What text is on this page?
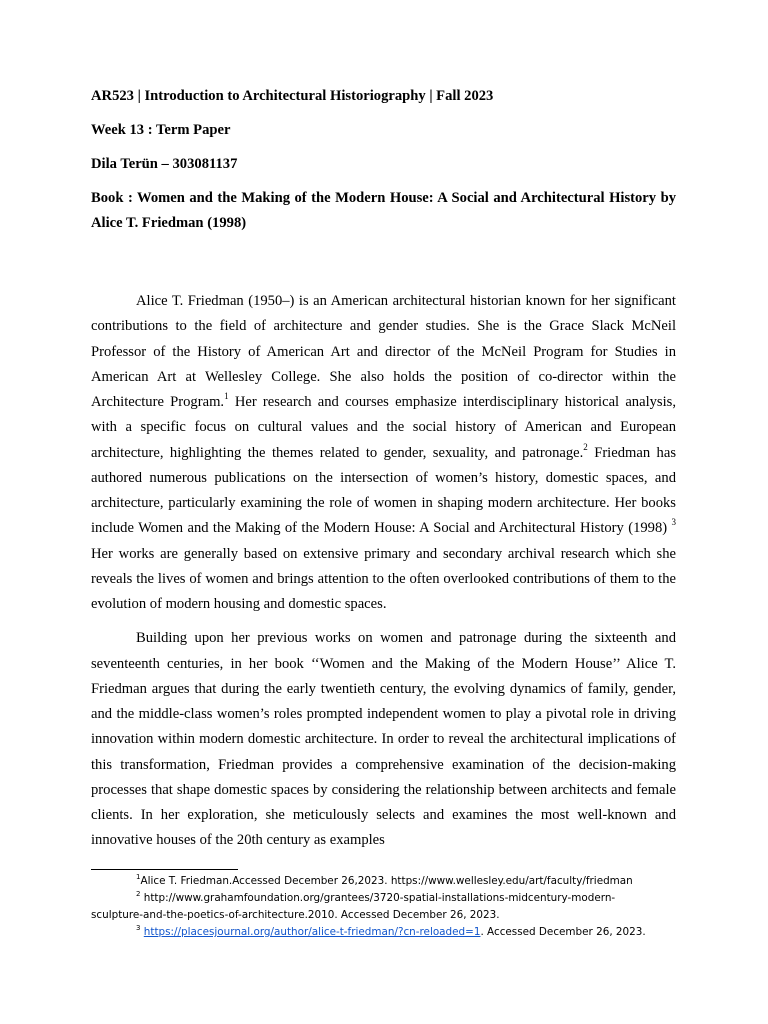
AR523 | Introduction to Architectural Historiography | Fall 2023
Week 13 : Term Paper
Dila Terün – 303081137
Book : Women and the Making of the Modern House: A Social and Architectural History by Alice T. Friedman (1998)

Alice T. Friedman (1950–) is an American architectural historian known for her significant contributions to the field of architecture and gender studies. She is the Grace Slack McNeil Professor of the History of American Art and director of the McNeil Program for Studies in American Art at Wellesley College. She also holds the position of co-director within the Architecture Program.$^1$ Her research and courses emphasize interdisciplinary historical analysis, with a specific focus on cultural values and the social history of American and European architecture, highlighting the themes related to gender, sexuality, and patronage.$^2$ Friedman has authored numerous publications on the intersection of women’s history, domestic spaces, and architecture, particularly examining the role of women in shaping modern architecture. Her books include Women and the Making of the Modern House: A Social and Architectural History (1998) $^3$ Her works are generally based on extensive primary and secondary archival research which she reveals the lives of women and brings attention to the often overlooked contributions of them to the evolution of modern housing and domestic spaces.

Building upon her previous works on women and patronage during the sixteenth and seventeenth centuries, in her book ‘‘Women and the Making of the Modern House’’ Alice T. Friedman argues that during the early twentieth century, the evolving dynamics of family, gender, and the middle-class women’s roles prompted independent women to play a pivotal role in driving innovation within modern domestic architecture. In order to reveal the architectural implications of this transformation, Friedman provides a comprehensive examination of the decision-making processes that shape domestic spaces by considering the relationship between architects and female clients. In her exploration, she meticulously selects and examines the most well-known and innovative houses of the 20th century as examples

$^1$Alice T. Friedman.Accessed December 26,2023. https://www.wellesley.edu/art/faculty/friedman

$^2$ http://www.grahamfoundation.org/grantees/3720-spatial-installations-midcentury-modern-

sculpture-and-the-poetics-of-architecture.2010. Accessed December 26, 2023.

$^3$ https://placesjournal.org/author/alice-t-friedman/?cn-reloaded=1. Accessed December 26, 2023.
